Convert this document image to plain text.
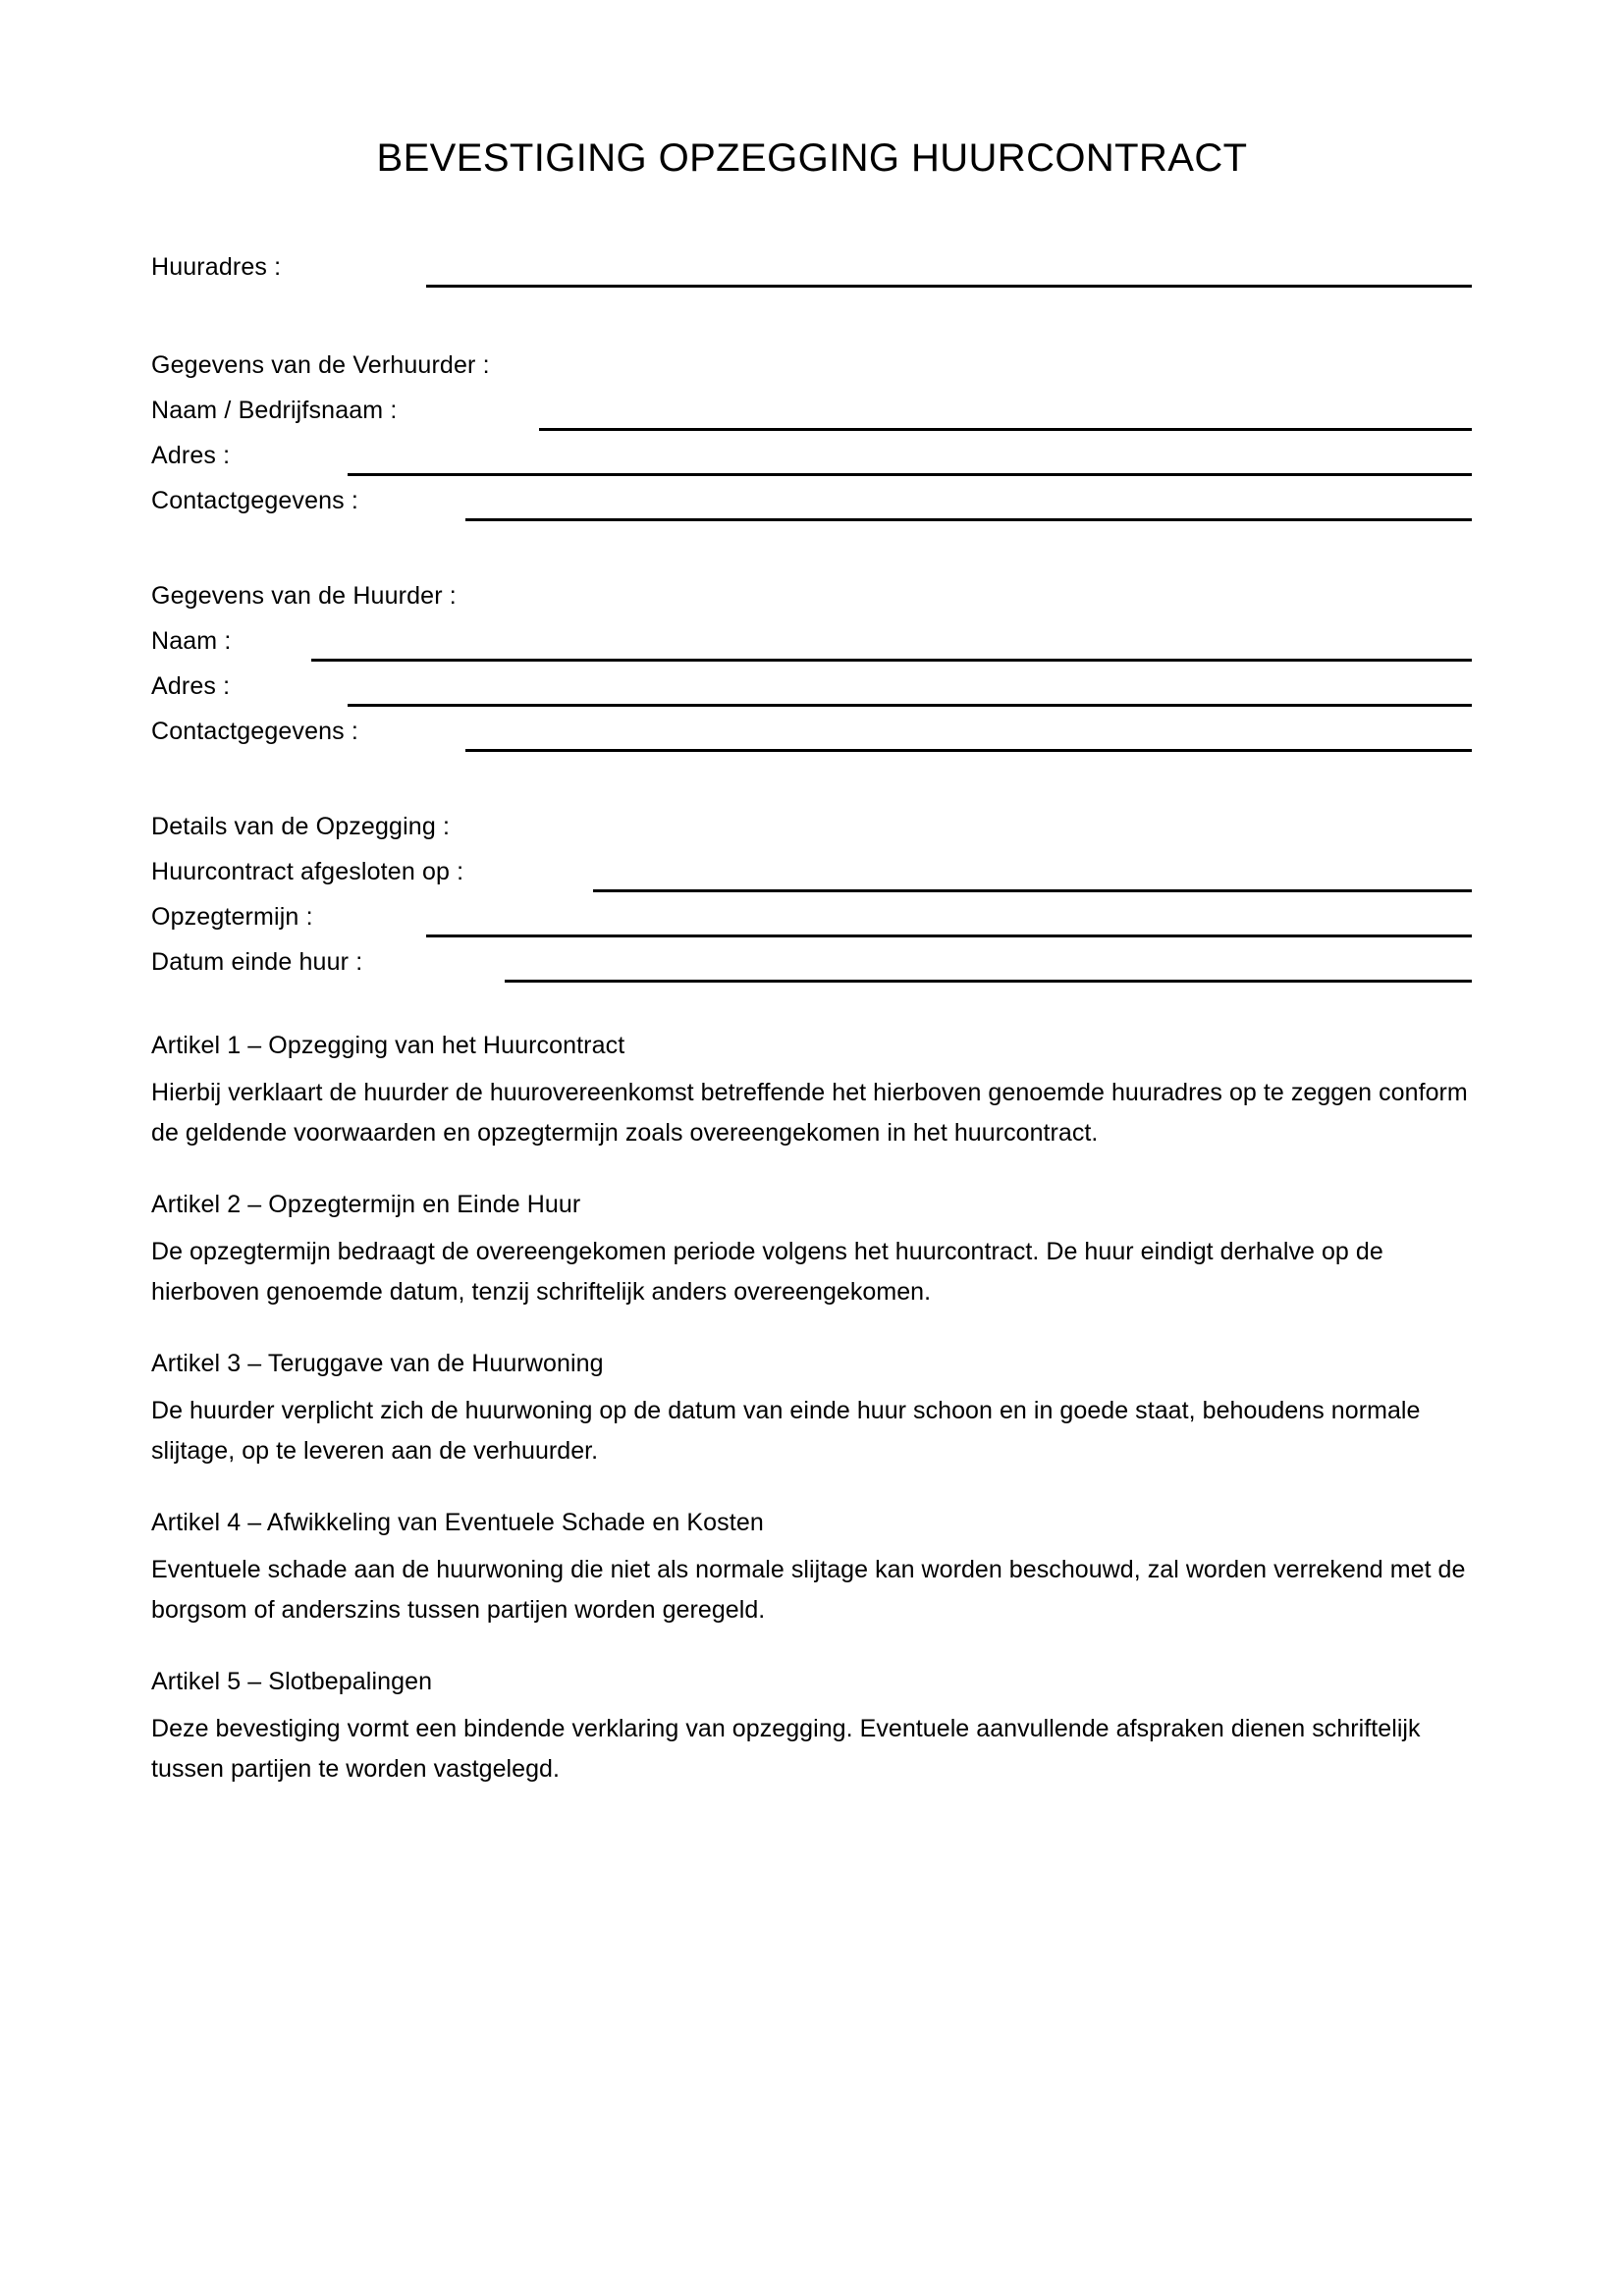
BEVESTIGING OPZEGGING HUURCONTRACT
Huuradres :
Gegevens van de Verhuurder :
Naam / Bedrijfsnaam :
Adres :
Contactgegevens :
Gegevens van de Huurder :
Naam :
Adres :
Contactgegevens :
Details van de Opzegging :
Huurcontract afgesloten op :
Opzegtermijn :
Datum einde huur :

Artikel 1 – Opzegging van het Huurcontract

Hierbij verklaart de huurder de huurovereenkomst betreffende het hierboven genoemde huuradres op te zeggen conform de geldende voorwaarden en opzegtermijn zoals overeengekomen in het huurcontract.

Artikel 2 – Opzegtermijn en Einde Huur

De opzegtermijn bedraagt de overeengekomen periode volgens het huurcontract. De huur eindigt derhalve op de hierboven genoemde datum, tenzij schriftelijk anders overeengekomen.

Artikel 3 – Teruggave van de Huurwoning

De huurder verplicht zich de huurwoning op de datum van einde huur schoon en in goede staat, behoudens normale slijtage, op te leveren aan de verhuurder.

Artikel 4 – Afwikkeling van Eventuele Schade en Kosten

Eventuele schade aan de huurwoning die niet als normale slijtage kan worden beschouwd, zal worden verrekend met de borgsom of anderszins tussen partijen worden geregeld.

Artikel 5 – Slotbepalingen

Deze bevestiging vormt een bindende verklaring van opzegging. Eventuele aanvullende afspraken dienen schriftelijk tussen partijen te worden vastgelegd.
